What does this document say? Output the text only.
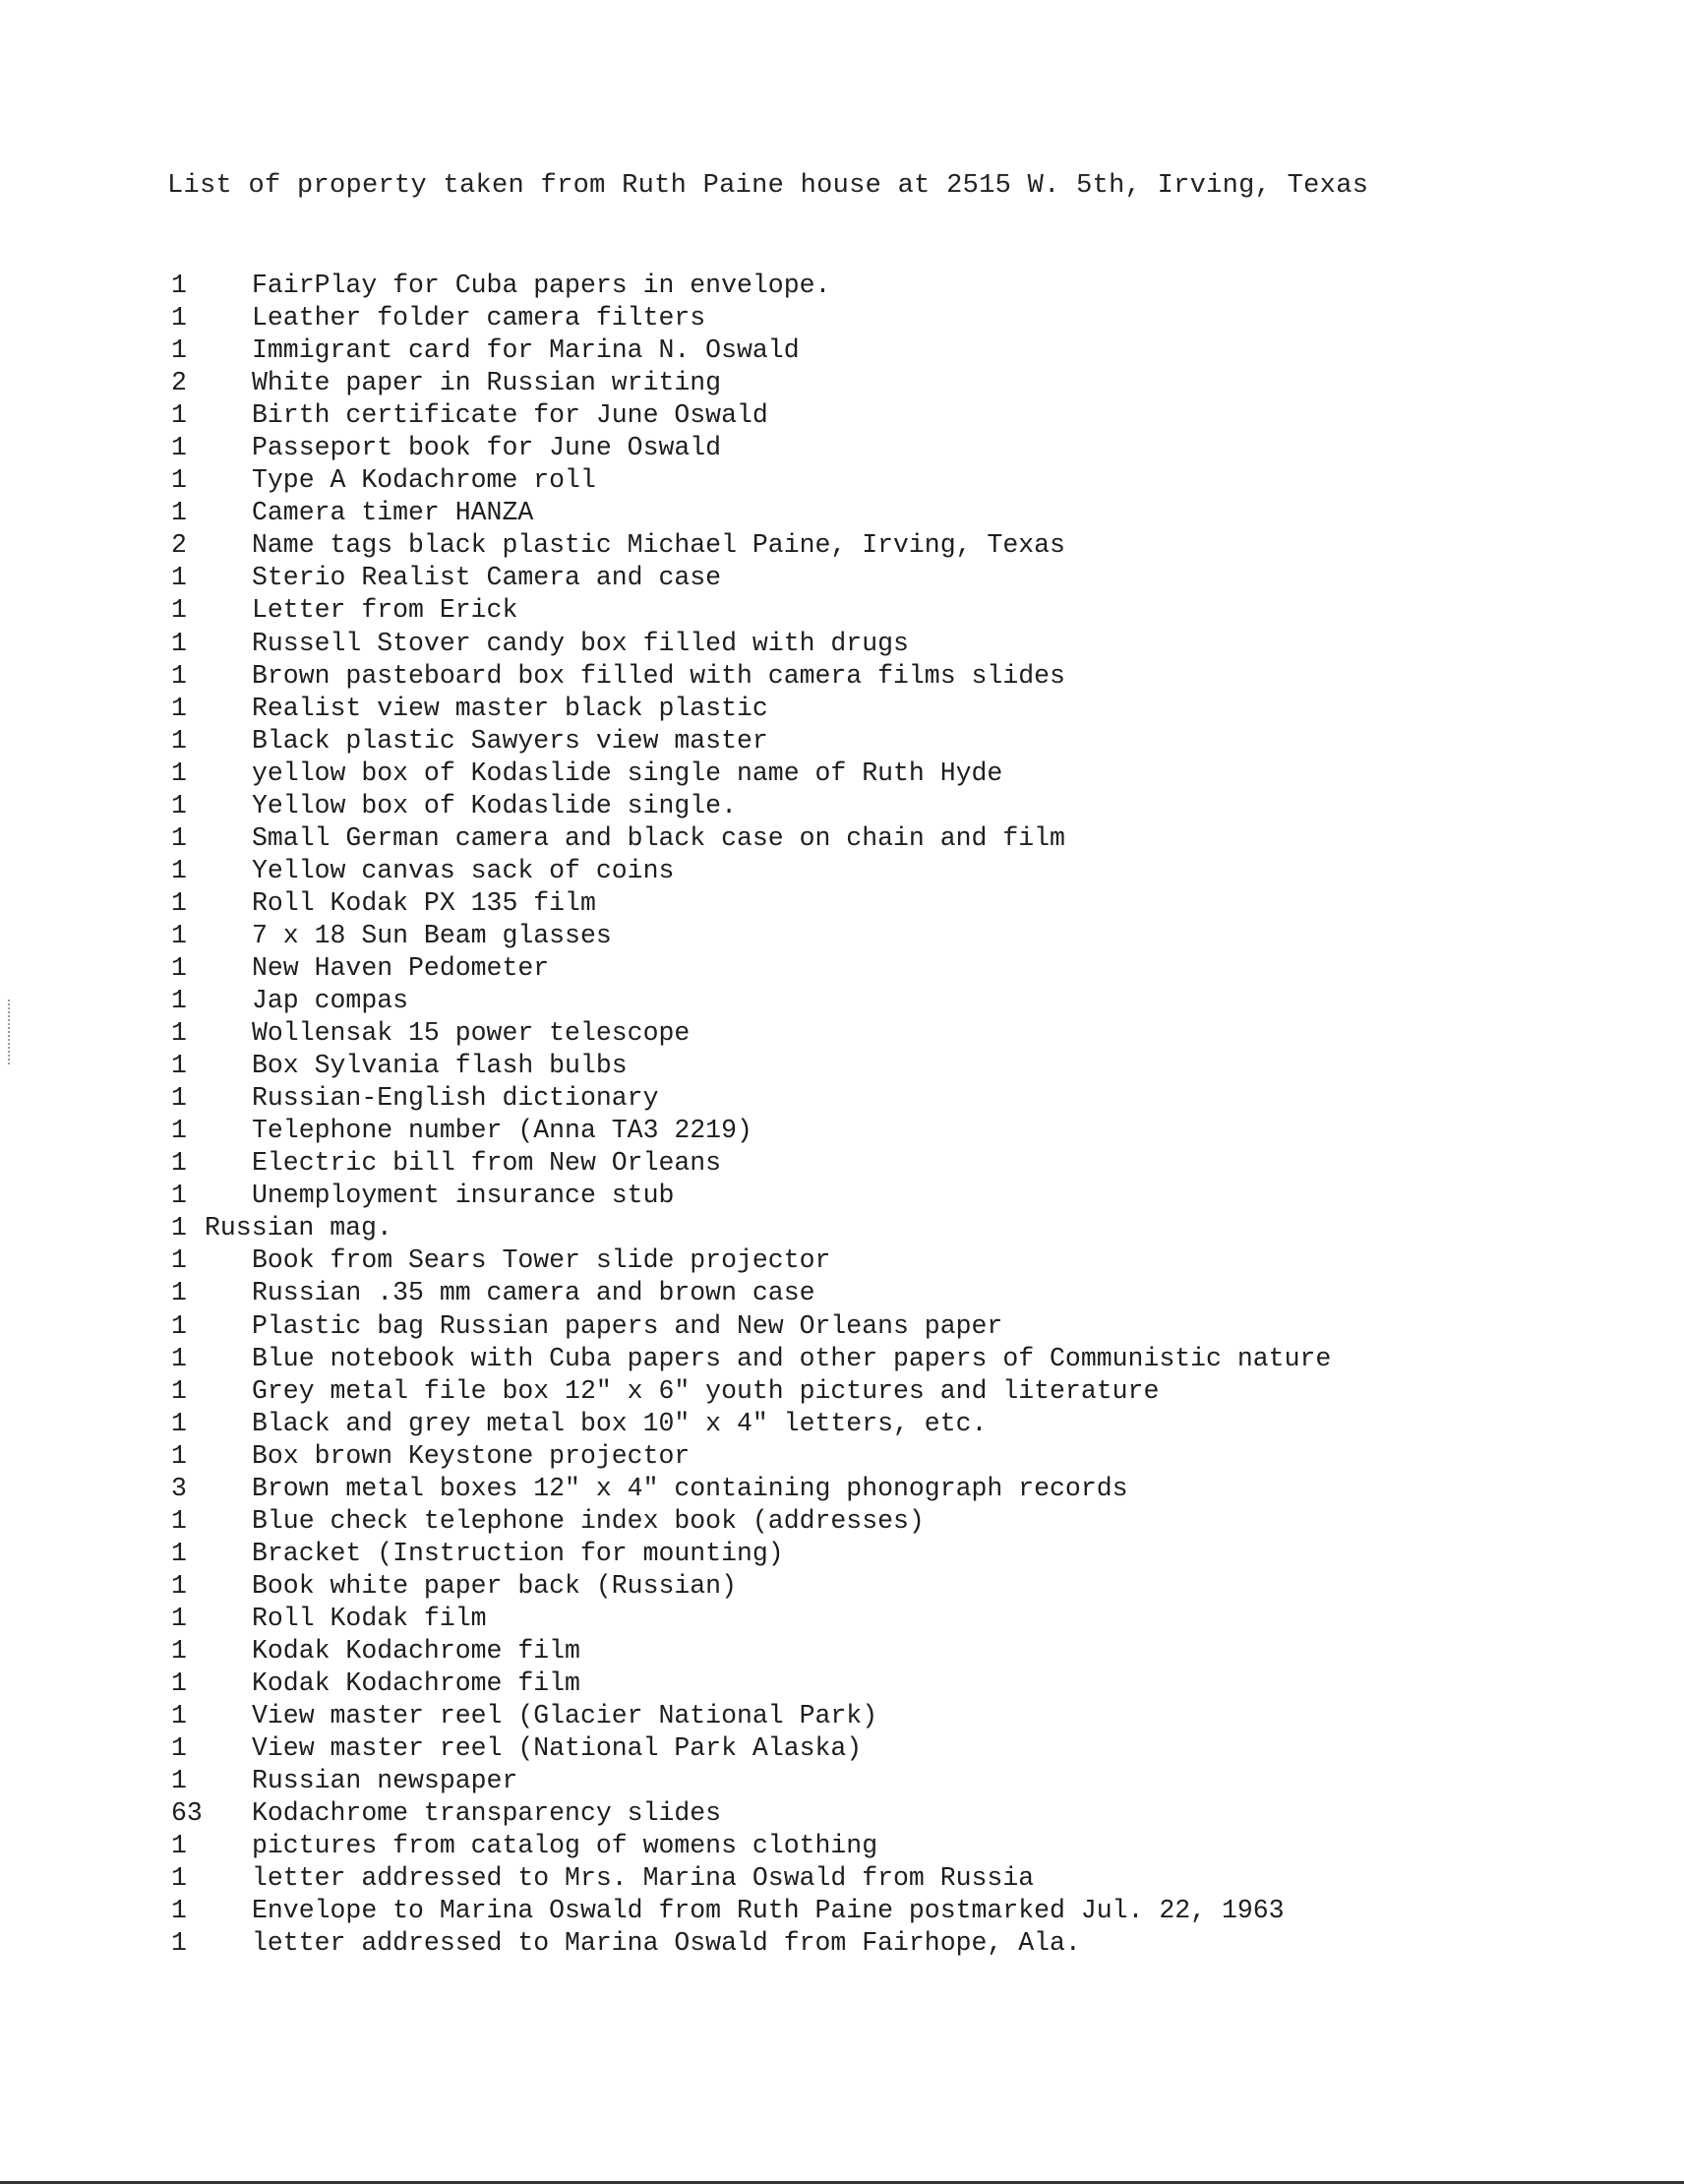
List of property taken from Ruth Paine house at 2515 W. 5th, Irving, Texas
1	FairPlay for Cuba papers in envelope.
1	Leather folder camera filters
1	Immigrant card for Marina N. Oswald
2	White paper in Russian writing
1	Birth certificate for June Oswald
1	Passeport book for June Oswald
1	Type A Kodachrome roll
1	Camera timer HANZA
2	Name tags black plastic Michael Paine, Irving, Texas
1	Sterio Realist Camera and case
1	Letter from Erick
1	Russell Stover candy box filled with drugs
1	Brown pasteboard box filled with camera films slides
1	Realist view master black plastic
1	Black plastic Sawyers view master
1	yellow box of Kodaslide single name of Ruth Hyde
1	Yellow box of Kodaslide single.
1	Small German camera and black case on chain and film
1	Yellow canvas sack of coins
1	Roll Kodak PX 135 film
1	7 x 18 Sun Beam glasses
1	New Haven Pedometer
1	Jap compas
1	Wollensak 15 power telescope
1	Box Sylvania flash bulbs
1	Russian-English dictionary
1	Telephone number (Anna TA3 2219)
1	Electric bill from New Orleans
1	Unemployment insurance stub
1 Russian mag.
1	Book from Sears Tower slide projector
1	Russian .35 mm camera and brown case
1	Plastic bag Russian papers and New Orleans paper
1	Blue notebook with Cuba papers and other papers of Communistic nature
1	Grey metal file box 12" x 6" youth pictures and literature
1	Black and grey metal box 10" x 4" letters, etc.
1	Box brown Keystone projector
3	Brown metal boxes 12" x 4" containing phonograph records
1	Blue check telephone index book (addresses)
1	Bracket (Instruction for mounting)
1	Book white paper back (Russian)
1	Roll Kodak film
1	Kodak Kodachrome film
1	Kodak Kodachrome film
1	View master reel (Glacier National Park)
1	View master reel (National Park Alaska)
1	Russian newspaper
63	Kodachrome transparency slides
1	pictures from catalog of womens clothing
1	letter addressed to Mrs. Marina Oswald from Russia
1	Envelope to Marina Oswald from Ruth Paine postmarked Jul. 22, 1963
1	letter addressed to Marina Oswald from Fairhope, Ala.
